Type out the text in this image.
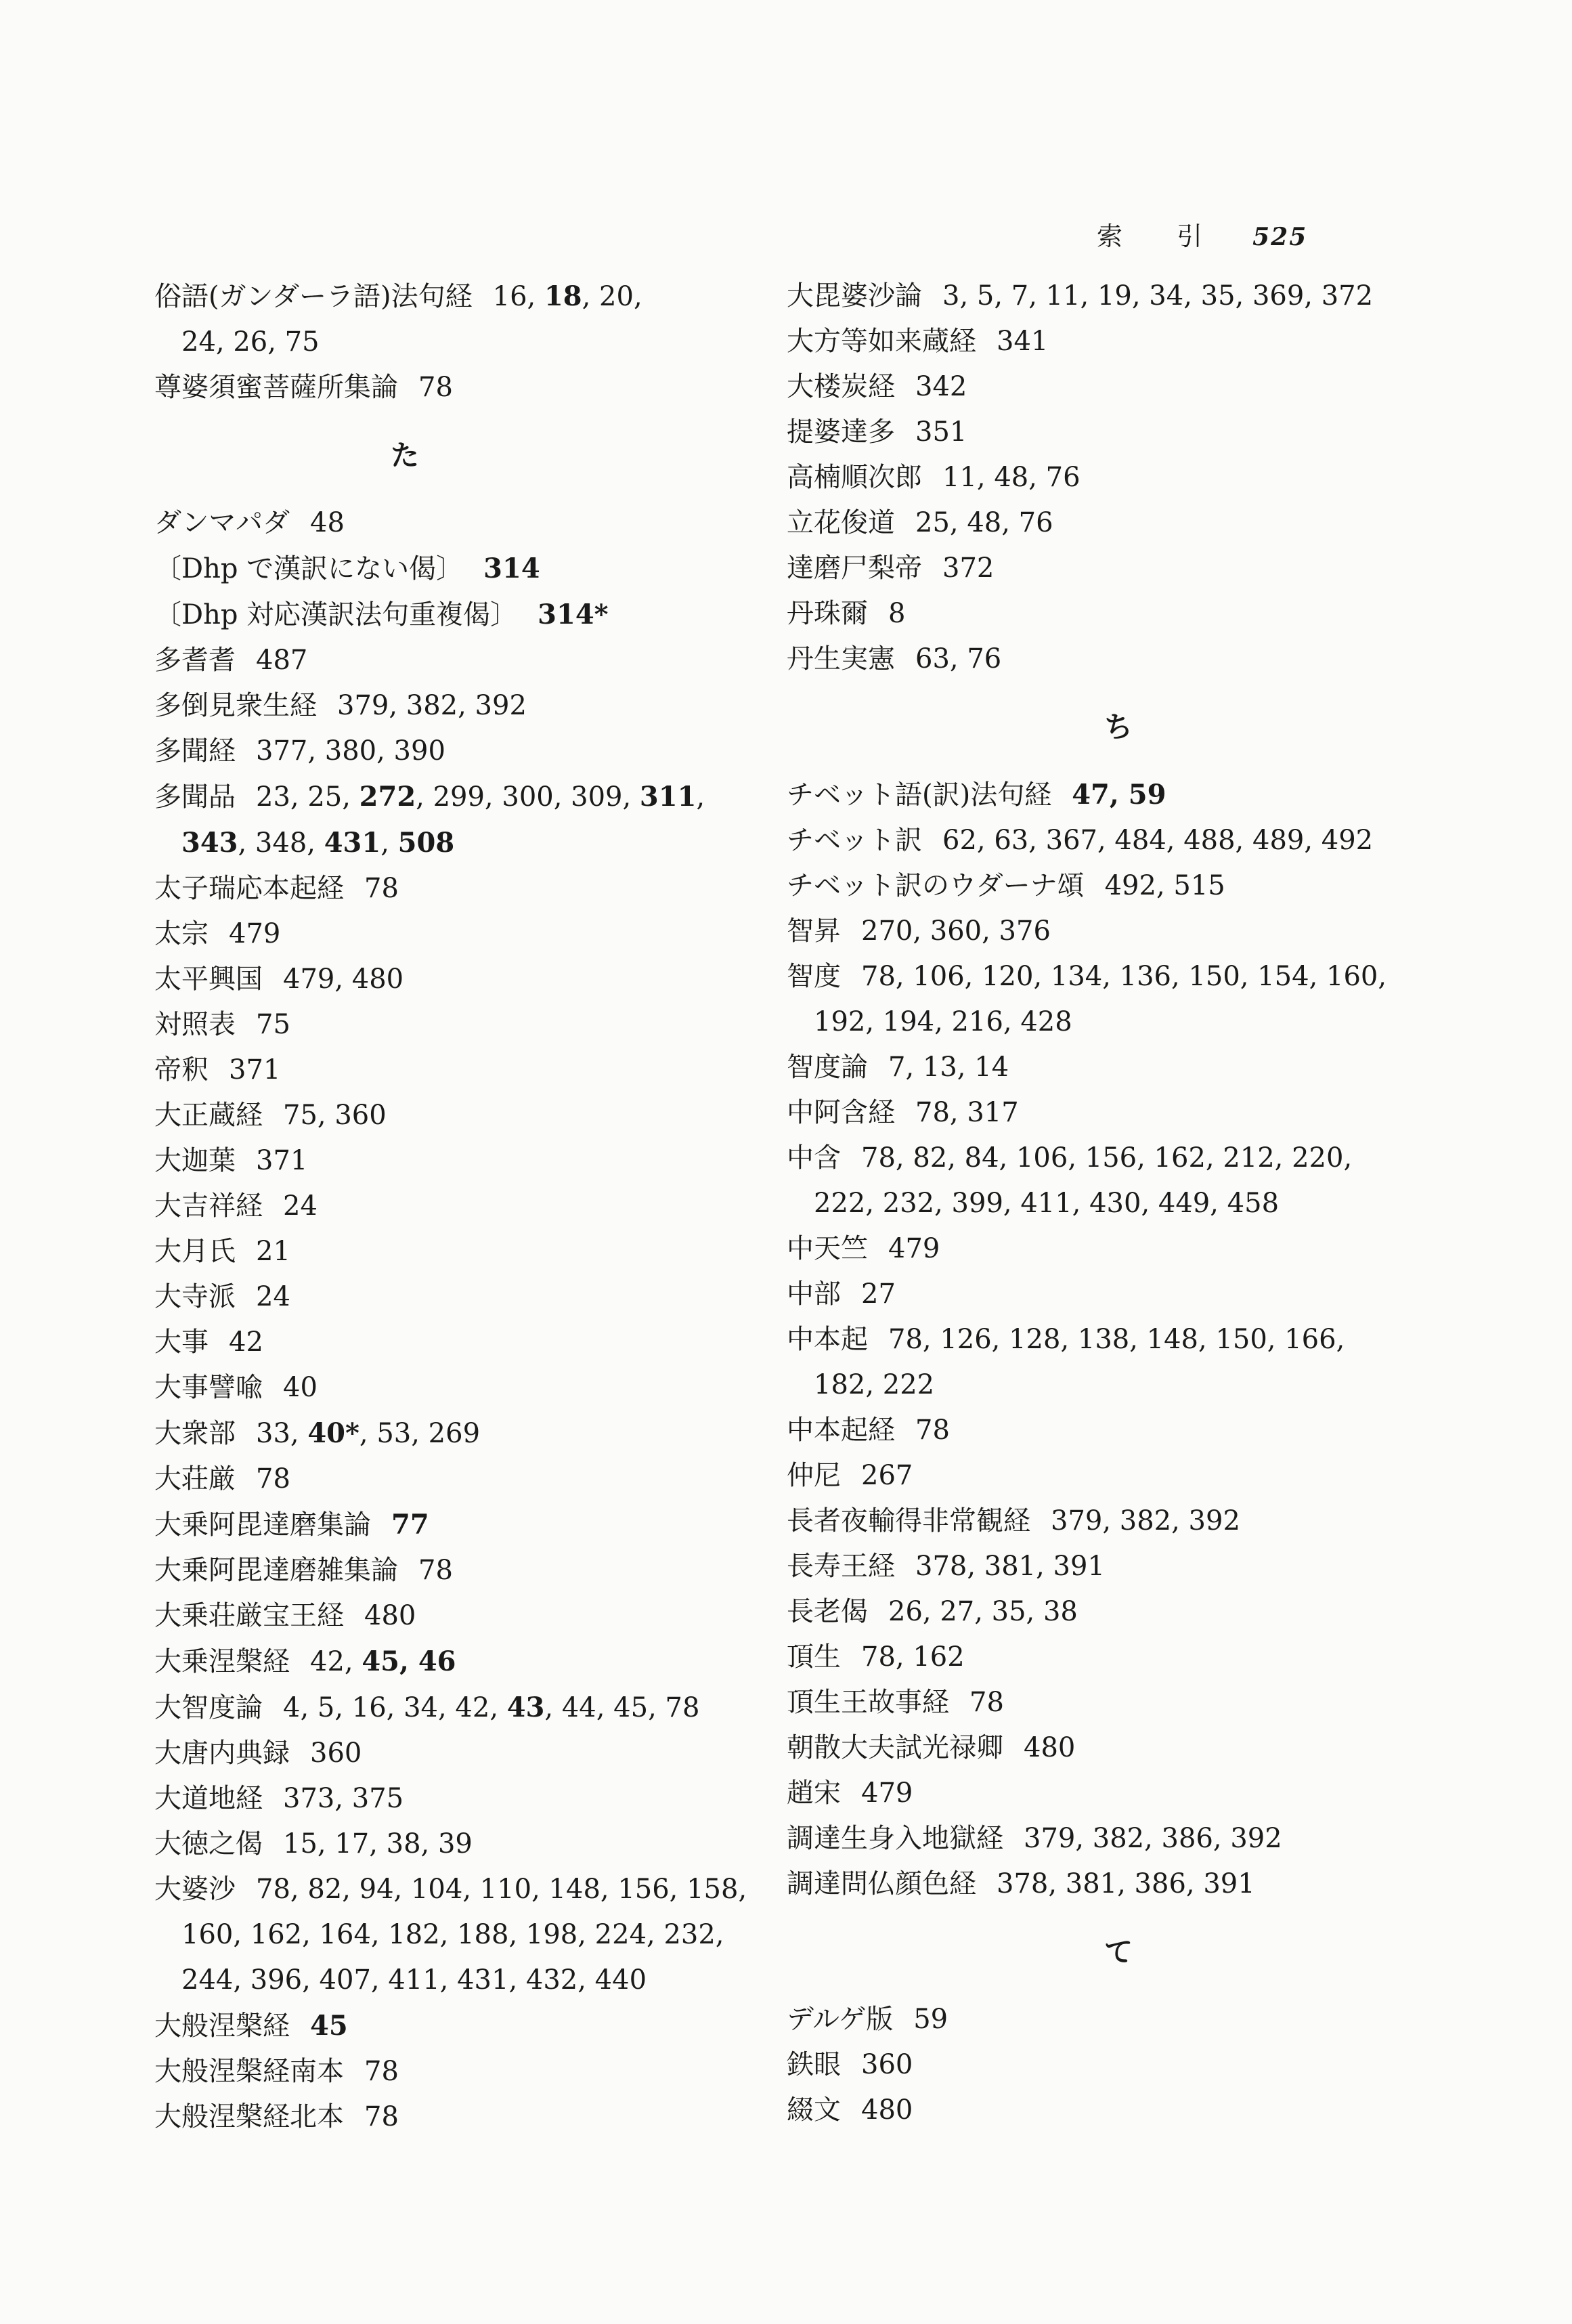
索 引 525
俗語(ガンダーラ語)法句経 16, 18, 20,
24, 26, 75
尊婆須蜜菩薩所集論 78
た
ダンマパダ 48
〔Dhp で漢訳にない偈〕 314
〔Dhp 対応漢訳法句重複偈〕 314*
多耆耆 487
多倒見衆生経 379, 382, 392
多聞経 377, 380, 390
多聞品 23, 25, 272, 299, 300, 309, 311,
343, 348, 431, 508
太子瑞応本起経 78
太宗 479
太平興国 479, 480
対照表 75
帝釈 371
大正蔵経 75, 360
大迦葉 371
大吉祥経 24
大月氏 21
大寺派 24
大事 42
大事譬喩 40
大衆部 33, 40*, 53, 269
大荘厳 78
大乗阿毘達磨集論 77
大乗阿毘達磨雑集論 78
大乗荘厳宝王経 480
大乗涅槃経 42, 45, 46
大智度論 4, 5, 16, 34, 42, 43, 44, 45, 78
大唐内典録 360
大道地経 373, 375
大徳之偈 15, 17, 38, 39
大婆沙 78, 82, 94, 104, 110, 148, 156, 158,
160, 162, 164, 182, 188, 198, 224, 232,
244, 396, 407, 411, 431, 432, 440
大般涅槃経 45
大般涅槃経南本 78
大般涅槃経北本 78
大毘婆沙論 3, 5, 7, 11, 19, 34, 35, 369, 372
大方等如来蔵経 341
大楼炭経 342
提婆達多 351
高楠順次郎 11, 48, 76
立花俊道 25, 48, 76
達磨尸梨帝 372
丹珠爾 8
丹生実憲 63, 76
ち
チベット語(訳)法句経 47, 59
チベット訳 62, 63, 367, 484, 488, 489, 492
チベット訳のウダーナ頌 492, 515
智昇 270, 360, 376
智度 78, 106, 120, 134, 136, 150, 154, 160,
192, 194, 216, 428
智度論 7, 13, 14
中阿含経 78, 317
中含 78, 82, 84, 106, 156, 162, 212, 220,
222, 232, 399, 411, 430, 449, 458
中天竺 479
中部 27
中本起 78, 126, 128, 138, 148, 150, 166,
182, 222
中本起経 78
仲尼 267
長者夜輸得非常観経 379, 382, 392
長寿王経 378, 381, 391
長老偈 26, 27, 35, 38
頂生 78, 162
頂生王故事経 78
朝散大夫試光禄卿 480
趙宋 479
調達生身入地獄経 379, 382, 386, 392
調達問仏顔色経 378, 381, 386, 391
て
デルゲ版 59
鉄眼 360
綴文 480
